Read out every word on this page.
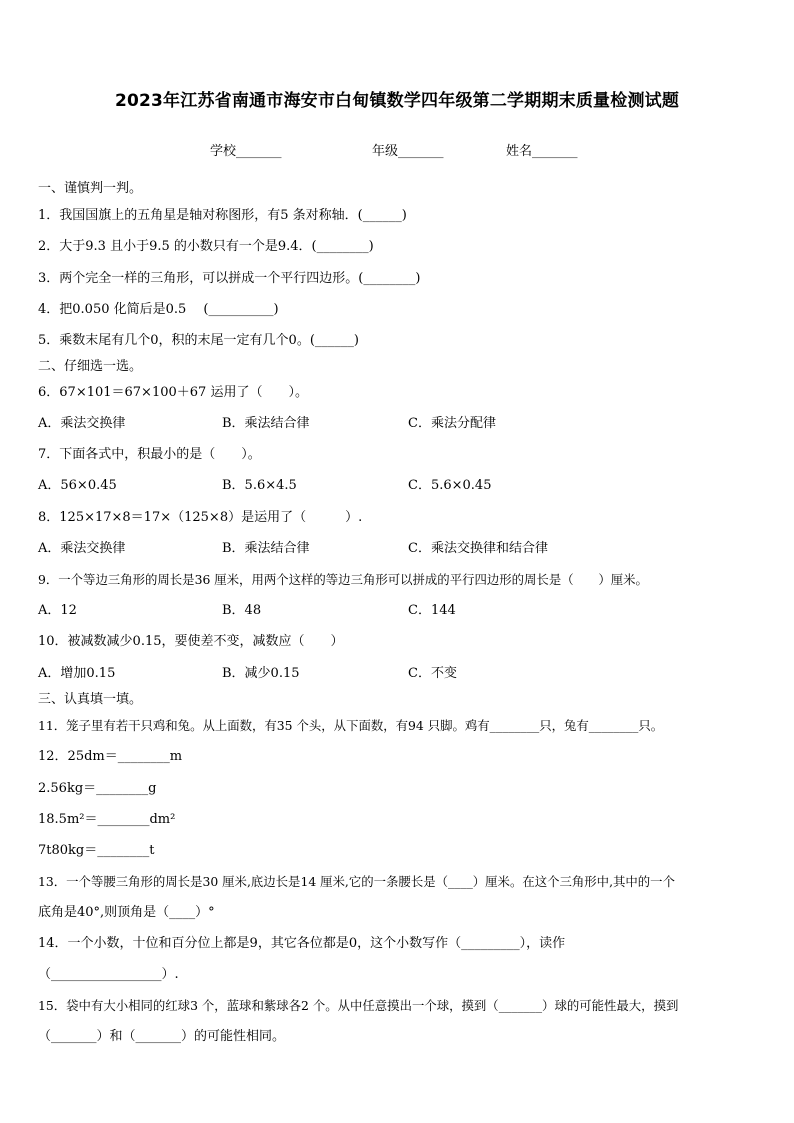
2023年江苏省南通市海安市白甸镇数学四年级第二学期期末质量检测试题
学校_______	年级_______	姓名_______
一、谨慎判一判。
1．我国国旗上的五角星是轴对称图形，有5 条对称轴．(______)
2．大于9.3 且小于9.5 的小数只有一个是9.4．(________)
3．两个完全一样的三角形，可以拼成一个平行四边形。(________)
4．把0.050 化简后是0.5　 (__________)
5．乘数末尾有几个0，积的末尾一定有几个0。(______)
二、仔细选一选。
6．67×101＝67×100＋67 运用了（　　）。
A．乘法交换律	B．乘法结合律	C．乘法分配律
7．下面各式中，积最小的是（　　）。
A．56×0.45	B．5.6×4.5	C．5.6×0.45
8．125×17×8＝17×（125×8）是运用了（　　　）.
A．乘法交换律	B．乘法结合律	C．乘法交换律和结合律
9．一个等边三角形的周长是36 厘米，用两个这样的等边三角形可以拼成的平行四边形的周长是（　　）厘米。
A．12	B．48	C．144
10．被减数减少0.15，要使差不变，减数应（　　）
A．增加0.15	B．减少0.15	C．不变
三、认真填一填。
11．笼子里有若干只鸡和兔。从上面数，有35 个头，从下面数，有94 只脚。鸡有________只，兔有________只。
12．25dm＝________m
2.56kg＝________g
18.5m²＝________dm²
7t80kg＝________t
13．一个等腰三角形的周长是30 厘米,底边长是14 厘米,它的一条腰长是（____）厘米。在这个三角形中,其中的一个
底角是40°,则顶角是（____）°
14．一个小数，十位和百分位上都是9，其它各位都是0，这个小数写作（_________），读作
（_________________）.
15．袋中有大小相同的红球3 个，蓝球和紫球各2 个。从中任意摸出一个球，摸到（_______）球的可能性最大，摸到
（_______）和（_______）的可能性相同。
